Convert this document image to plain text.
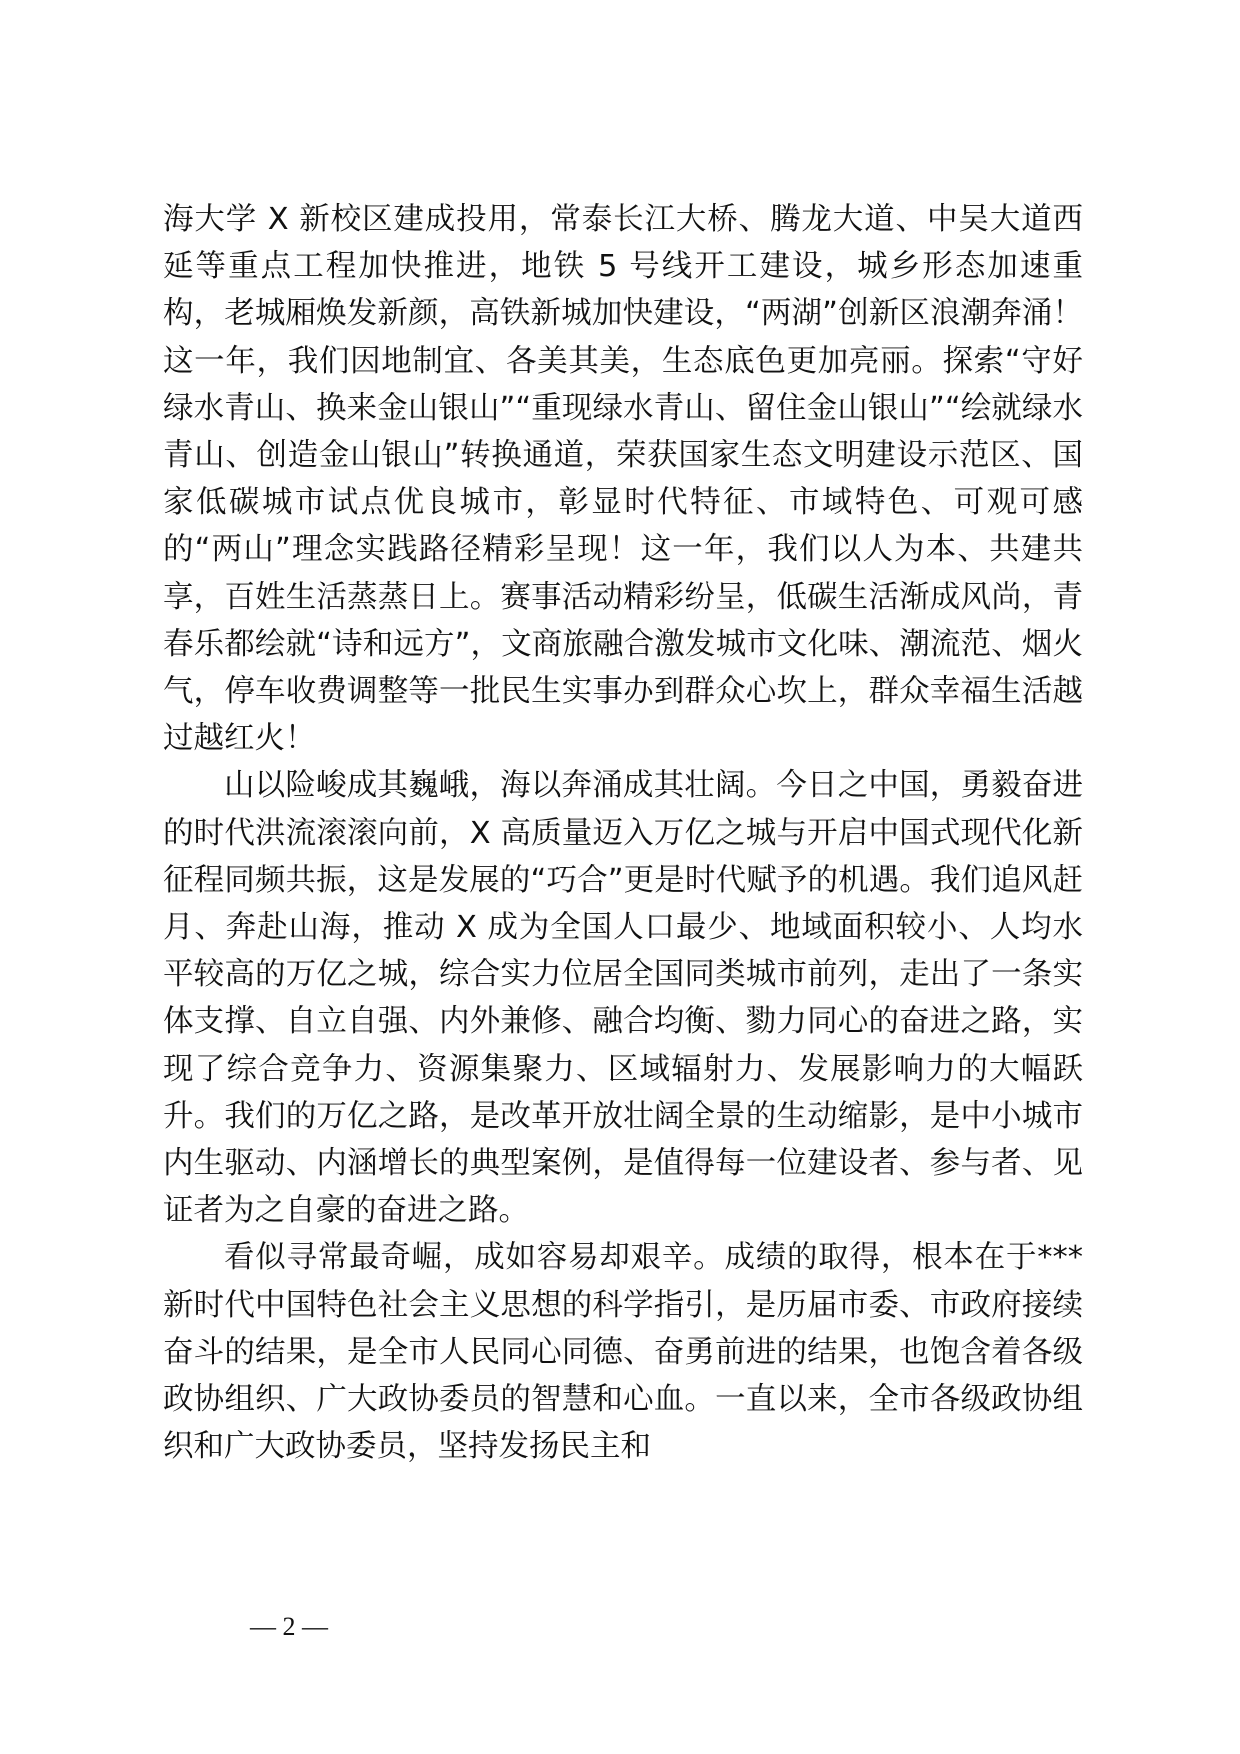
海大学 X 新校区建成投用，常泰长江大桥、腾龙大道、中吴大道西延等重点工程加快推进，地铁 5 号线开工建设，城乡形态加速重构，老城厢焕发新颜，高铁新城加快建设，“两湖”创新区浪潮奔涌！这一年，我们因地制宜、各美其美，生态底色更加亮丽。探索“守好绿水青山、换来金山银山”“重现绿水青山、留住金山银山”“绘就绿水青山、创造金山银山”转换通道，荣获国家生态文明建设示范区、国家低碳城市试点优良城市，彰显时代特征、市域特色、可观可感的“两山”理念实践路径精彩呈现！这一年，我们以人为本、共建共享，百姓生活蒸蒸日上。赛事活动精彩纷呈，低碳生活渐成风尚，青春乐都绘就“诗和远方”，文商旅融合激发城市文化味、潮流范、烟火气，停车收费调整等一批民生实事办到群众心坎上，群众幸福生活越过越红火！

山以险峻成其巍峨，海以奔涌成其壮阔。今日之中国，勇毅奋进的时代洪流滚滚向前，X 高质量迈入万亿之城与开启中国式现代化新征程同频共振，这是发展的“巧合”更是时代赋予的机遇。我们追风赶月、奔赴山海，推动 X 成为全国人口最少、地域面积较小、人均水平较高的万亿之城，综合实力位居全国同类城市前列，走出了一条实体支撑、自立自强、内外兼修、融合均衡、勠力同心的奋进之路，实现了综合竞争力、资源集聚力、区域辐射力、发展影响力的大幅跃升。我们的万亿之路，是改革开放壮阔全景的生动缩影，是中小城市内生驱动、内涵增长的典型案例，是值得每一位建设者、参与者、见证者为之自豪的奋进之路。

看似寻常最奇崛，成如容易却艰辛。成绩的取得，根本在于***新时代中国特色社会主义思想的科学指引，是历届市委、市政府接续奋斗的结果，是全市人民同心同德、奋勇前进的结果，也饱含着各级政协组织、广大政协委员的智慧和心血。一直以来，全市各级政协组织和广大政协委员，坚持发扬民主和

— 2 —
